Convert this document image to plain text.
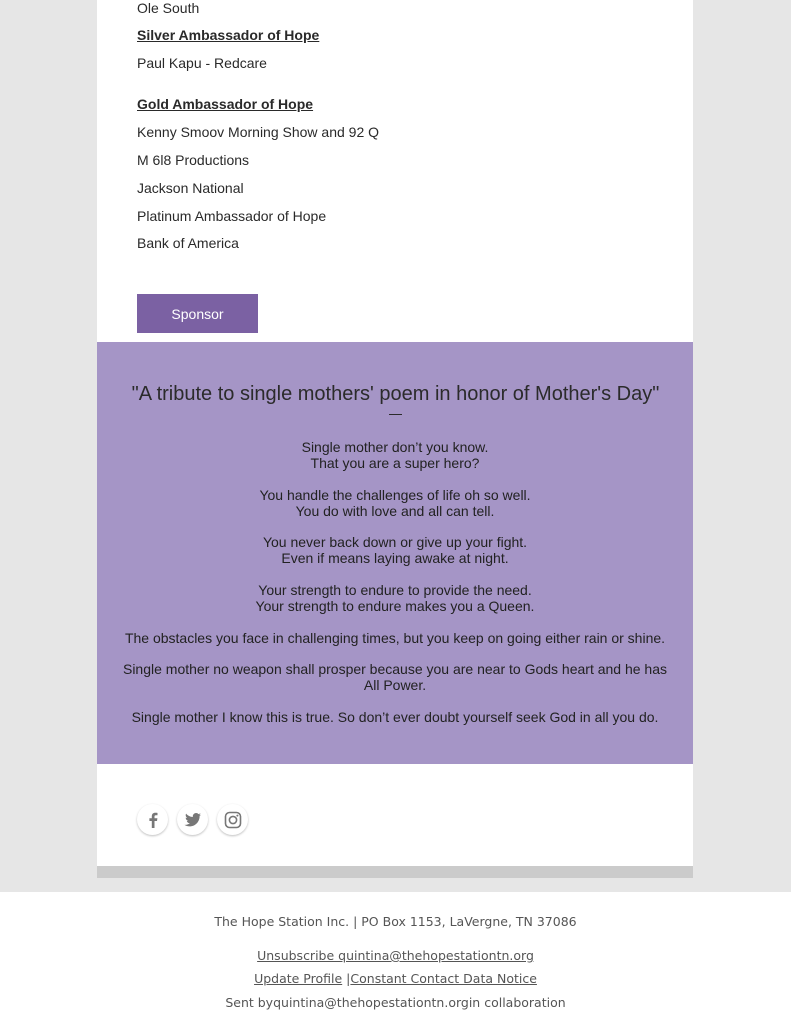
Ole South
Silver Ambassador of Hope
Paul Kapu - Redcare
Gold Ambassador of Hope
Kenny Smoov Morning Show and 92 Q
M 6l8 Productions
Jackson National
Platinum Ambassador of Hope
Bank of America
Sponsor
"A tribute to single mothers' poem in honor of Mother's Day"
Single mother don’t you know.
That you are a super hero?
You handle the challenges of life oh so well.
You do with love and all can tell.
You never back down or give up your fight.
Even if means laying awake at night.
Your strength to endure to provide the need.
Your strength to endure makes you a Queen.
The obstacles you face in challenging times, but you keep on going either rain or shine.
Single mother no weapon shall prosper because you are near to Gods heart and he has
All Power.
Single mother I know this is true. So don’t ever doubt yourself seek God in all you do.
The Hope Station Inc. | PO Box 1153, LaVergne, TN 37086
Unsubscribe quintina@thehopestationtn.org
Update Profile |Constant Contact Data Notice
Sent byquintina@thehopestationtn.orgin collaboration
